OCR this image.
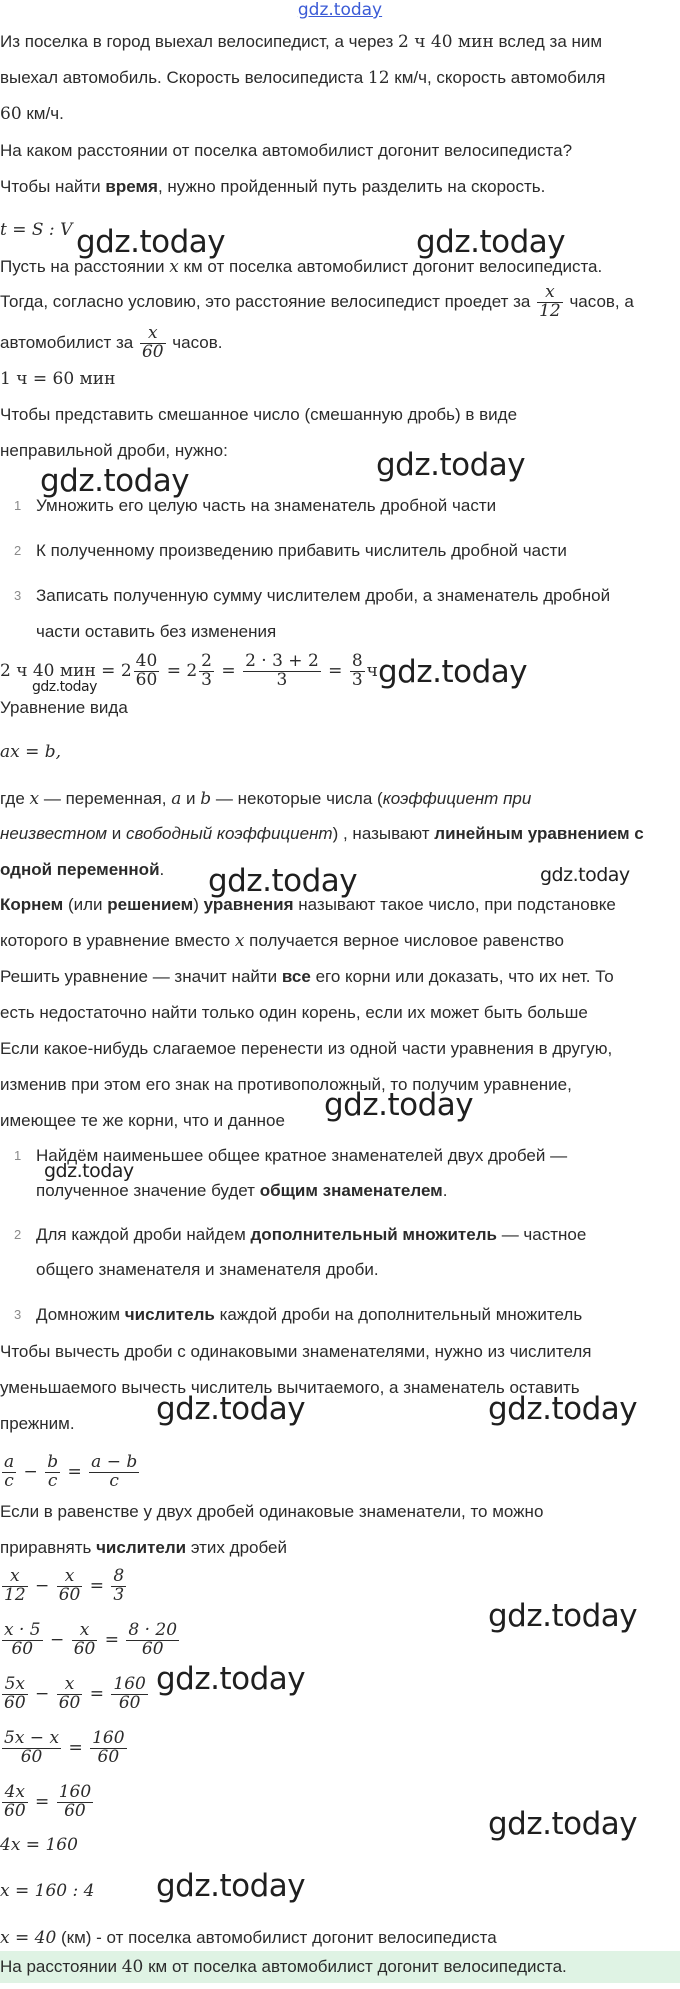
gdz.today
Из поселка в город выехал велосипедист, а через 2 ч 40 мин вслед за ним
выехал автомобиль. Скорость велосипедиста 12 км/ч, скорость автомобиля
60 км/ч.
На каком расстоянии от поселка автомобилист догонит велосипедиста?
Чтобы найти время, нужно пройденный путь разделить на скорость.
t = S : V
Пусть на расстоянии x км от поселка автомобилист догонит велосипедиста.
Тогда, согласно условию, это расстояние велосипедист проедет за $\frac{x}{12}$ часов, а
автомобилист за $\frac{x}{60}$ часов.
1 ч = 60 мин
Чтобы представить смешанное число (смешанную дробь) в виде
неправильной дроби, нужно:
1 Умножить его целую часть на знаменатель дробной части
2 К полученному произведению прибавить числитель дробной части
3 Записать полученную сумму числителем дроби, а знаменатель дробной
части оставить без изменения
2 ч 40 мин = $2 \frac{40}{60} = 2 \frac{2}{3} = \frac{2 \cdot 3 + 2}{3} = \frac{8}{3}$ ч
Уравнение вида
ax = b,
где x — переменная, a и b — некоторые числа (коэффициент при
неизвестном и свободный коэффициент) , называют линейным уравнением с
одной переменной.
Корнем (или решением) уравнения называют такое число, при подстановке
которого в уравнение вместо x получается верное числовое равенство
Решить уравнение — значит найти все его корни или доказать, что их нет. То
есть недостаточно найти только один корень, если их может быть больше
Если какое-нибудь слагаемое перенести из одной части уравнения в другую,
изменив при этом его знак на противоположный, то получим уравнение,
имеющее те же корни, что и данное
1 Найдём наименьшее общее кратное знаменателей двух дробей —
полученное значение будет общим знаменателем.
2 Для каждой дроби найдем дополнительный множитель — частное
общего знаменателя и знаменателя дроби.
3 Домножим числитель каждой дроби на дополнительный множитель
Чтобы вычесть дроби с одинаковыми знаменателями, нужно из числителя
уменьшаемого вычесть числитель вычитаемого, а знаменатель оставить
прежним.
$\frac{a}{c} - \frac{b}{c} = \frac{a - b}{c}$
Если в равенстве у двух дробей одинаковые знаменатели, то можно
приравнять числители этих дробей
$\frac{x}{12} - \frac{x}{60} = \frac{8}{3}$
$\frac{x \cdot 5}{60} - \frac{x}{60} = \frac{8 \cdot 20}{60}$
$\frac{5x}{60} - \frac{x}{60} = \frac{160}{60}$
$\frac{5x - x}{60} = \frac{160}{60}$
$\frac{4x}{60} = \frac{160}{60}$
4x = 160
x = 160 : 4
x = 40 (км) - от поселка автомобилист догонит велосипедиста
На расстоянии 40 км от поселка автомобилист догонит велосипедиста.
gdz.today	gdz.today
gdz.today	gdz.today
gdz.today
gdz.today
gdz.today	gdz.today
gdz.today
gdz.today
gdz.today	gdz.today
gdz.today
gdz.today
gdz.today
gdz.today
